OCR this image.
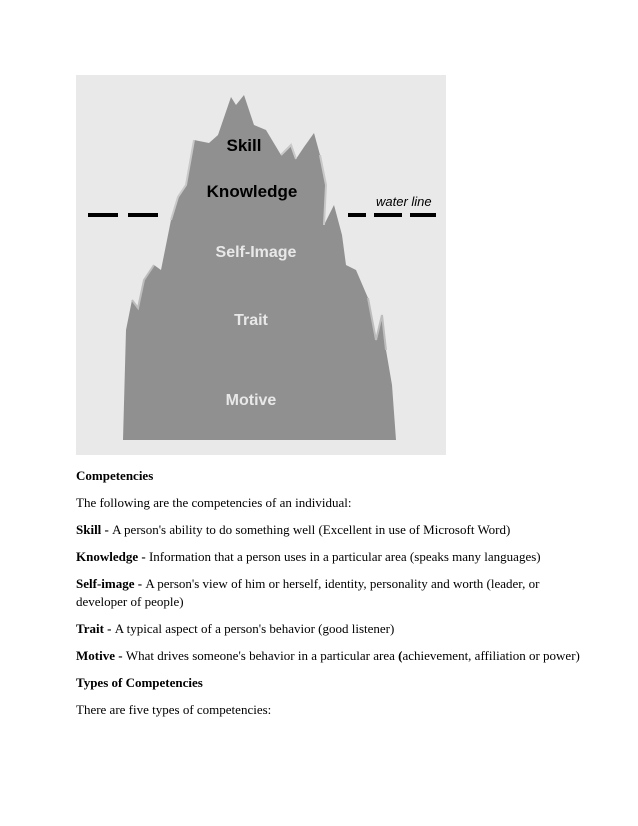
water line
Skill
Knowledge
Self-Image
Trait
Motive
Competencies
The following are the competencies of an individual:
Skill - A person's ability to do something well (Excellent in use of Microsoft Word)
Knowledge - Information that a person uses in a particular area (speaks many languages)
Self-image - A person's view of him or herself, identity, personality and worth (leader, or developer of people)
Trait - A typical aspect of a person's behavior (good listener)
Motive - What drives someone's behavior in a particular area (achievement, affiliation or power)
Types of Competencies
There are five types of competencies:
